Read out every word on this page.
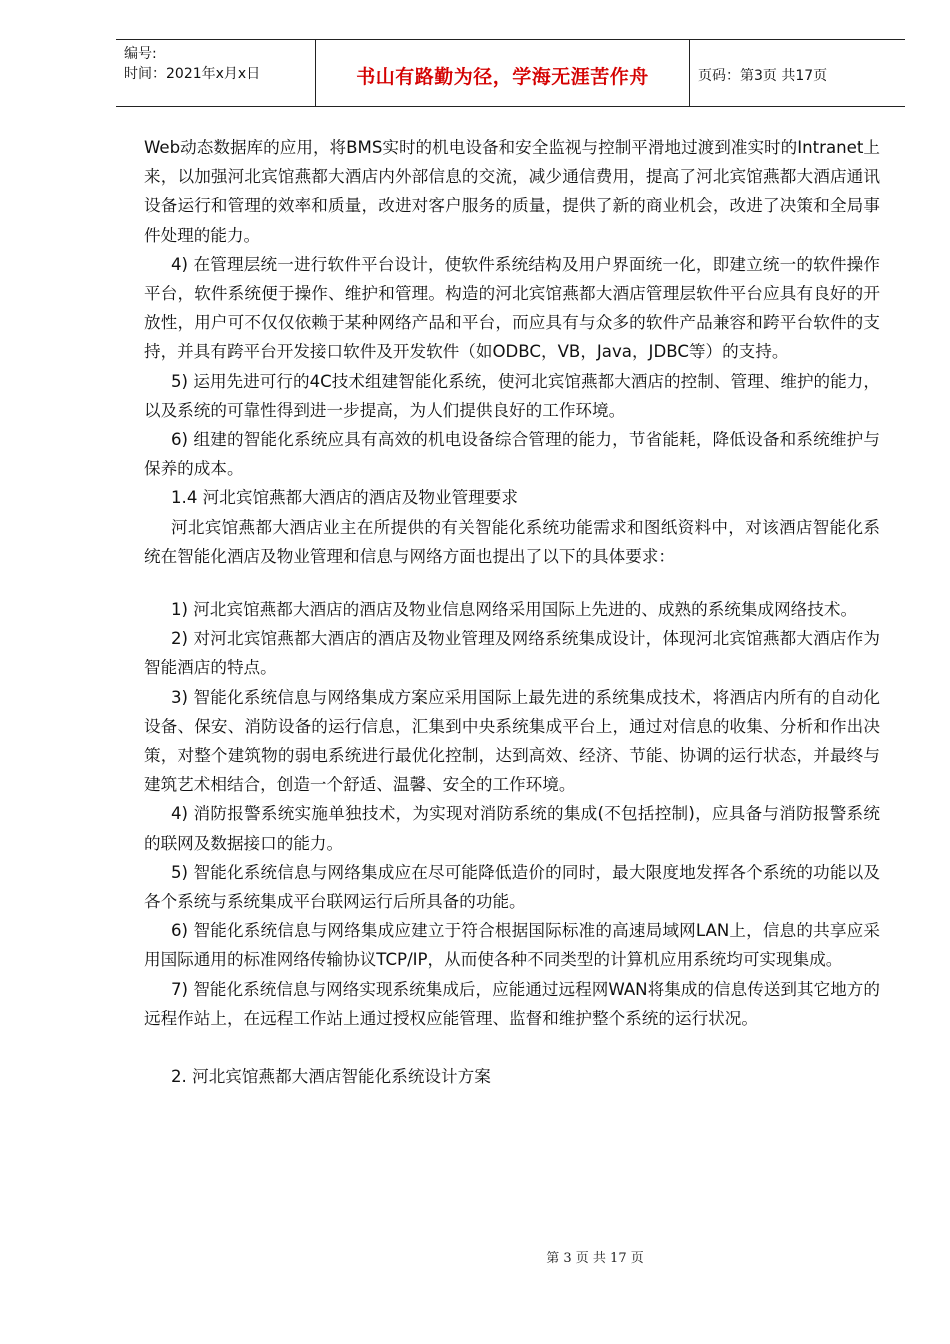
编号:
时间：2021年x月x日	书山有路勤为径，学海无涯苦作舟	页码：第3页 共17页

Web动态数据库的应用，将BMS实时的机电设备和安全监视与控制平滑地过渡到准实时的Intranet上来，以加强河北宾馆燕都大酒店内外部信息的交流，减少通信费用，提高了河北宾馆燕都大酒店通讯设备运行和管理的效率和质量，改进对客户服务的质量，提供了新的商业机会，改进了决策和全局事件处理的能力。

4) 在管理层统一进行软件平台设计，使软件系统结构及用户界面统一化，即建立统一的软件操作平台，软件系统便于操作、维护和管理。构造的河北宾馆燕都大酒店管理层软件平台应具有良好的开放性，用户可不仅仅依赖于某种网络产品和平台，而应具有与众多的软件产品兼容和跨平台软件的支持，并具有跨平台开发接口软件及开发软件（如ODBC，VB，Java，JDBC等）的支持。

5) 运用先进可行的4C技术组建智能化系统，使河北宾馆燕都大酒店的控制、管理、维护的能力，以及系统的可靠性得到进一步提高，为人们提供良好的工作环境。

6) 组建的智能化系统应具有高效的机电设备综合管理的能力，节省能耗，降低设备和系统维护与保养的成本。

1.4 河北宾馆燕都大酒店的酒店及物业管理要求

河北宾馆燕都大酒店业主在所提供的有关智能化系统功能需求和图纸资料中，对该酒店智能化系统在智能化酒店及物业管理和信息与网络方面也提出了以下的具体要求：

1) 河北宾馆燕都大酒店的酒店及物业信息网络采用国际上先进的、成熟的系统集成网络技术。

2) 对河北宾馆燕都大酒店的酒店及物业管理及网络系统集成设计，体现河北宾馆燕都大酒店作为智能酒店的特点。

3) 智能化系统信息与网络集成方案应采用国际上最先进的系统集成技术，将酒店内所有的自动化设备、保安、消防设备的运行信息，汇集到中央系统集成平台上，通过对信息的收集、分析和作出决策，对整个建筑物的弱电系统进行最优化控制，达到高效、经济、节能、协调的运行状态，并最终与建筑艺术相结合，创造一个舒适、温馨、安全的工作环境。

4) 消防报警系统实施单独技术，为实现对消防系统的集成(不包括控制)，应具备与消防报警系统的联网及数据接口的能力。

5) 智能化系统信息与网络集成应在尽可能降低造价的同时，最大限度地发挥各个系统的功能以及各个系统与系统集成平台联网运行后所具备的功能。

6) 智能化系统信息与网络集成应建立于符合根据国际标准的高速局域网LAN上，信息的共享应采用国际通用的标准网络传输协议TCP/IP，从而使各种不同类型的计算机应用系统均可实现集成。

7) 智能化系统信息与网络实现系统集成后，应能通过远程网WAN将集成的信息传送到其它地方的远程作站上，在远程工作站上通过授权应能管理、监督和维护整个系统的运行状况。

2. 河北宾馆燕都大酒店智能化系统设计方案

第 3 页 共 17 页
